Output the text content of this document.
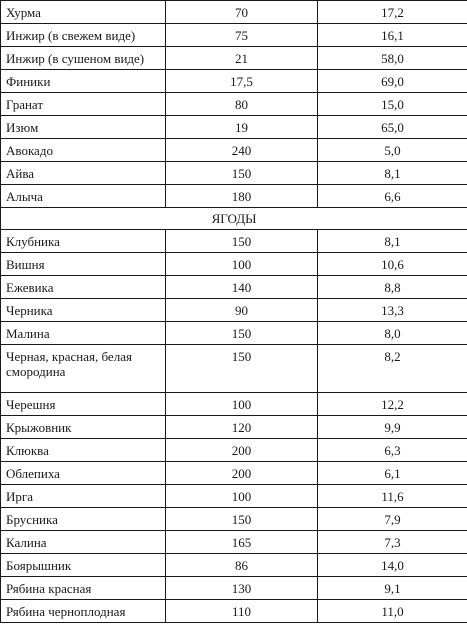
Хурма	70	17,2
Инжир (в свежем виде)	75	16,1
Инжир (в сушеном виде)	21	58,0
Финики	17,5	69,0
Гранат	80	15,0
Изюм	19	65,0
Авокадо	240	5,0
Айва	150	8,1
Алыча	180	6,6
ЯГОДЫ		
Клубника	150	8,1
Вишня	100	10,6
Ежевика	140	8,8
Черника	90	13,3
Малина	150	8,0
Черная, красная, белая смородина	150	8,2
Черешня	100	12,2
Крыжовник	120	9,9
Клюква	200	6,3
Облепиха	200	6,1
Ирга	100	11,6
Брусника	150	7,9
Калина	165	7,3
Боярышник	86	14,0
Рябина красная	130	9,1
Рябина черноплодная	110	11,0
